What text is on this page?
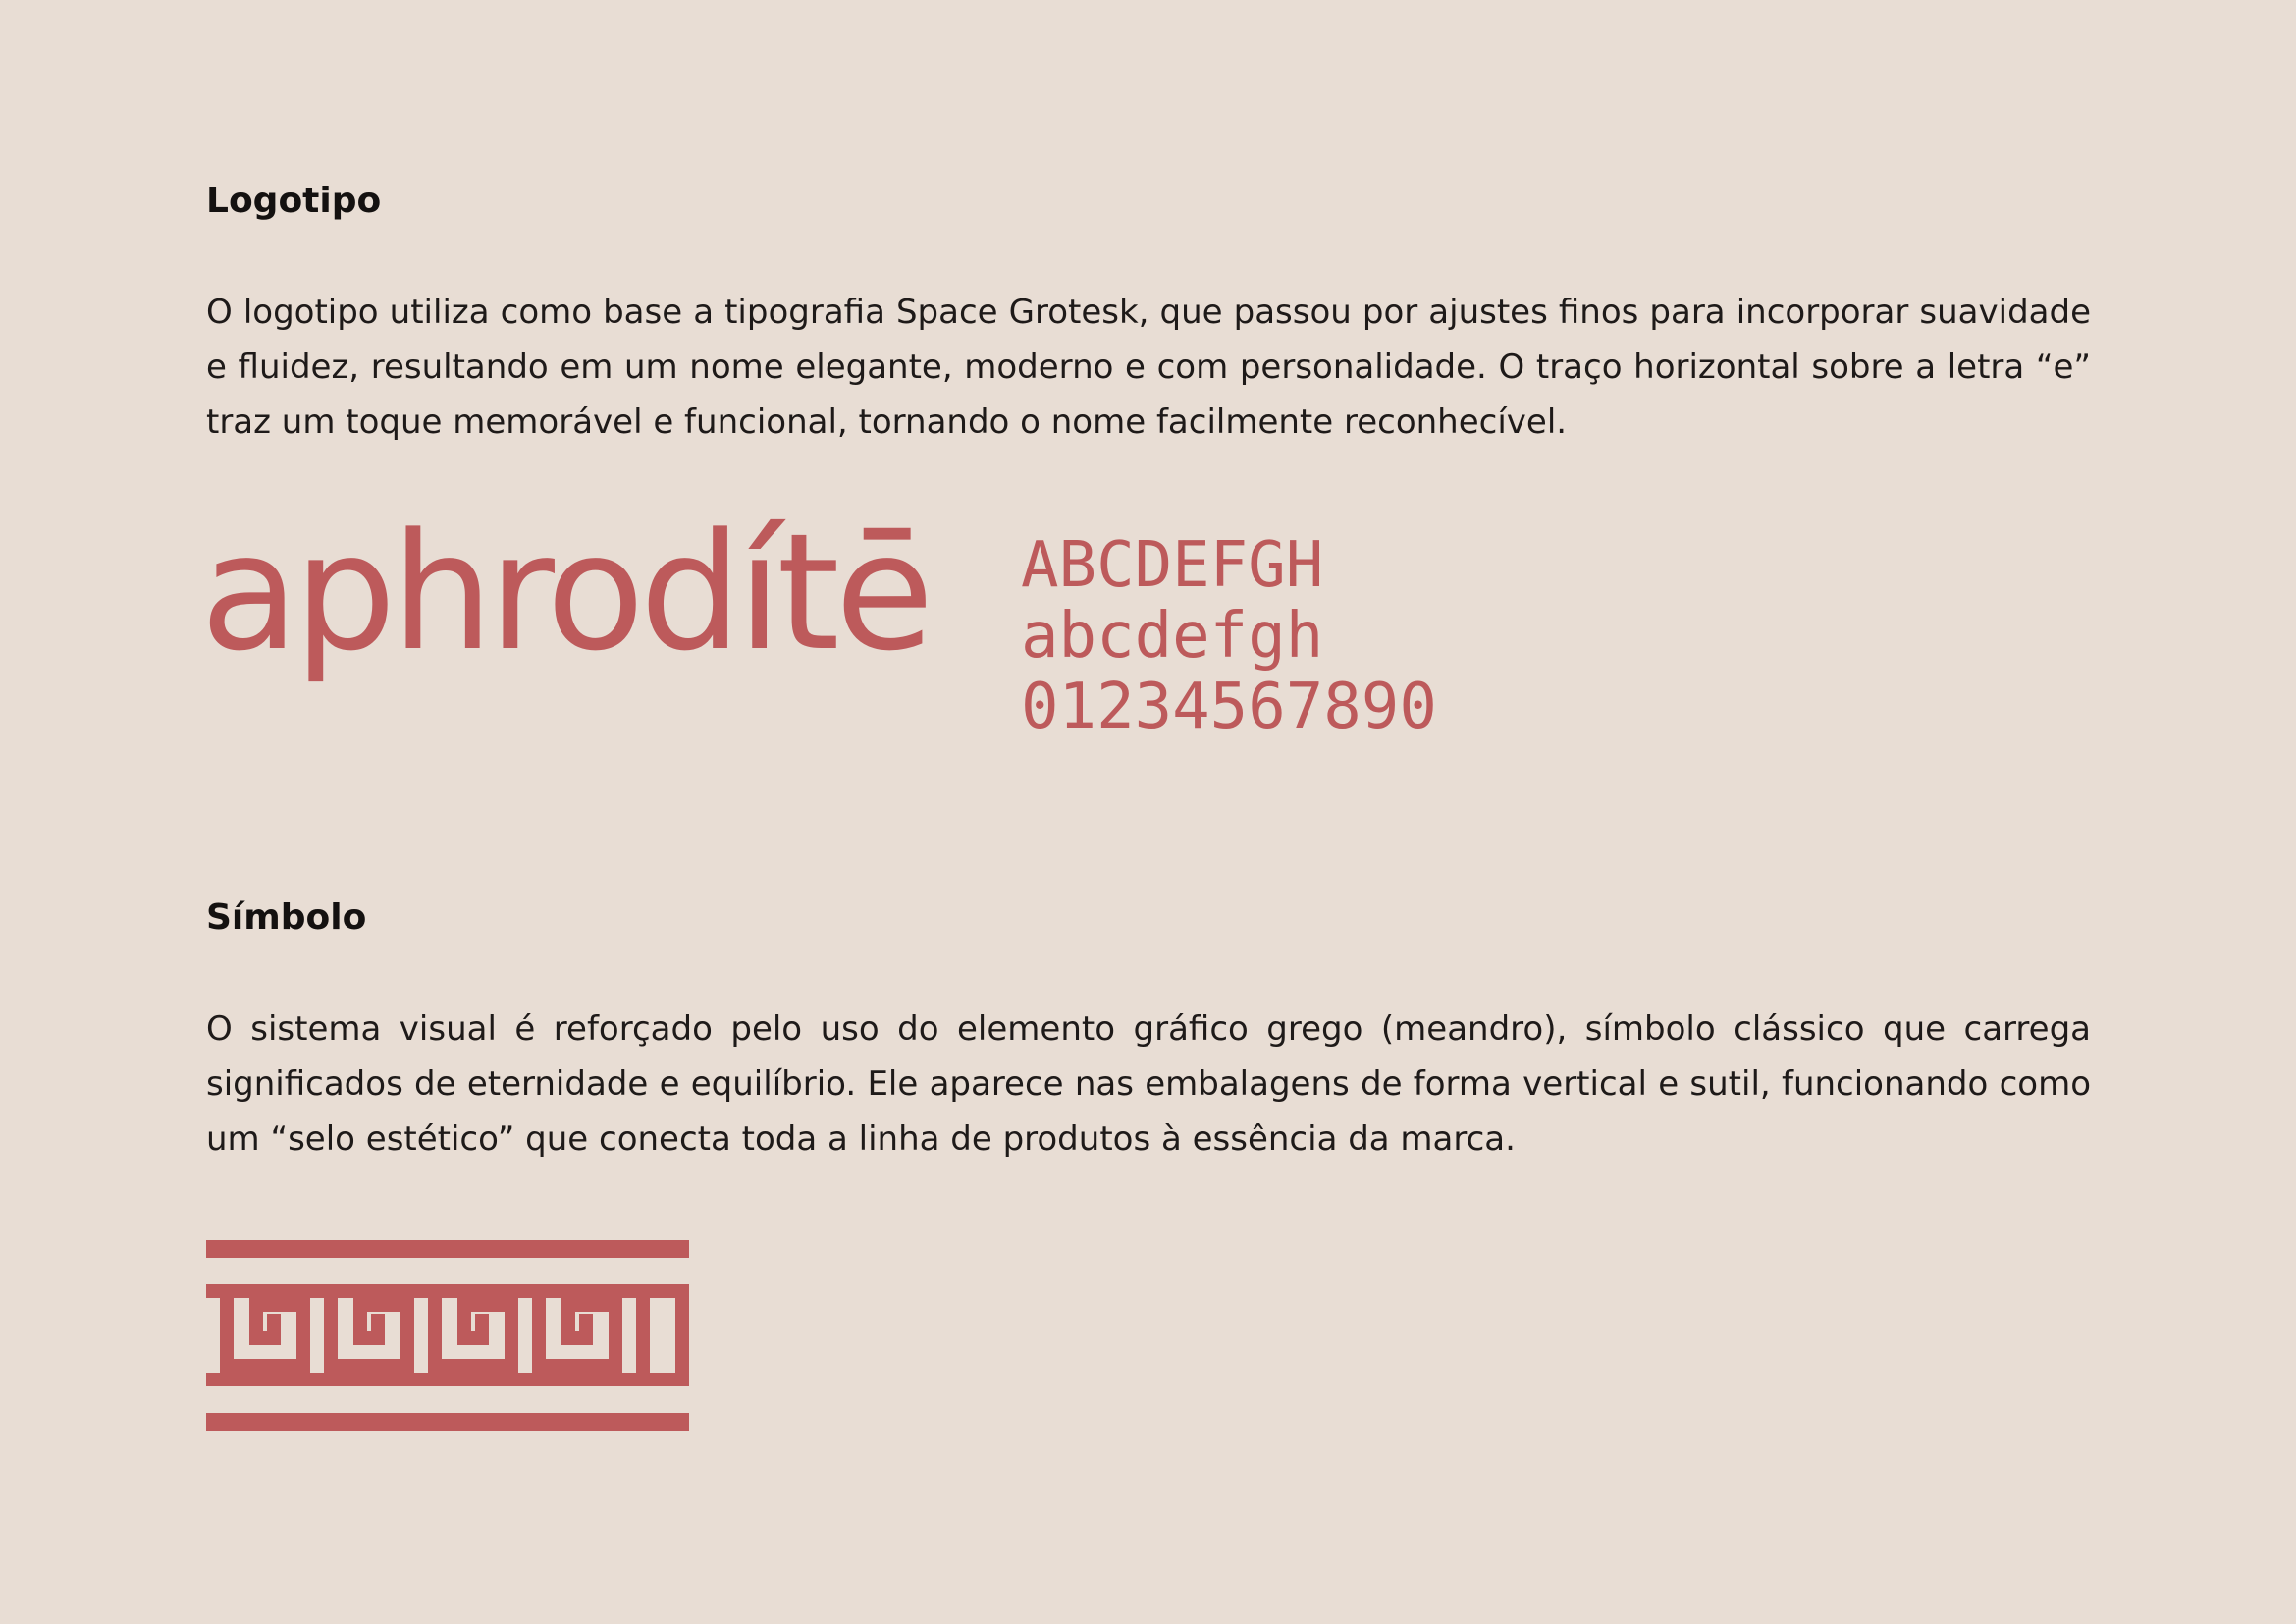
Logotipo

O logotipo utiliza como base a tipografia Space Grotesk, que passou por ajustes finos para incorporar suavidade e fluidez, resultando em um nome elegante, moderno e com personalidade. O traço horizontal sobre a letra “e” traz um toque memorável e funcional, tornando o nome facilmente reconhecível.

aphrodítē ABCDEFGH
abcdefgh
01234567890
Símbolo

O sistema visual é reforçado pelo uso do elemento gráfico grego (meandro), símbolo clássico que carrega significados de eternidade e equilíbrio. Ele aparece nas embalagens de forma vertical e sutil, funcionando como um “selo estético” que conecta toda a linha de produtos à essência da marca.
